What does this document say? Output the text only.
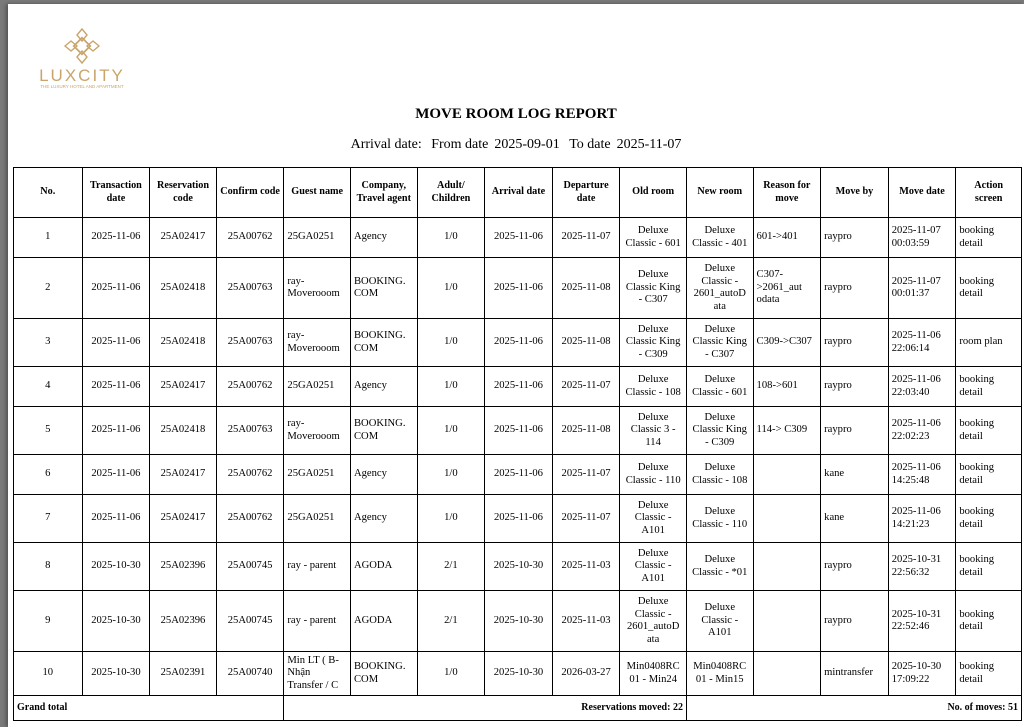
LUXCITY
THE LUXURY HOTEL AND APARTMENT
MOVE ROOM LOG REPORT
Arrival date: From date 2025-09-01 To date 2025-11-07
No.	Transaction date	Reservation code	Confirm code	Guest name	Company, Travel agent	Adult/ Children	Arrival date	Departure date	Old room	New room	Reason for move	Move by	Move date	Action screen
1	2025-11-06	25A02417	25A00762	25GA0251	Agency	1/0	2025-11-06	2025-11-07	Deluxe Classic - 601	Deluxe Classic - 401	601->401	raypro	2025-11-07 00:03:59	booking detail
2	2025-11-06	25A02418	25A00763	ray-Moverooom	BOOKING. COM	1/0	2025-11-06	2025-11-08	Deluxe Classic King - C307	Deluxe Classic - 2601_autoD ata	C307->2061_aut odata	raypro	2025-11-07 00:01:37	booking detail
3	2025-11-06	25A02418	25A00763	ray-Moverooom	BOOKING. COM	1/0	2025-11-06	2025-11-08	Deluxe Classic King - C309	Deluxe Classic King - C307	C309->C307	raypro	2025-11-06 22:06:14	room plan
4	2025-11-06	25A02417	25A00762	25GA0251	Agency	1/0	2025-11-06	2025-11-07	Deluxe Classic - 108	Deluxe Classic - 601	108->601	raypro	2025-11-06 22:03:40	booking detail
5	2025-11-06	25A02418	25A00763	ray-Moverooom	BOOKING. COM	1/0	2025-11-06	2025-11-08	Deluxe Classic 3 - 114	Deluxe Classic King - C309	114-> C309	raypro	2025-11-06 22:02:23	booking detail
6	2025-11-06	25A02417	25A00762	25GA0251	Agency	1/0	2025-11-06	2025-11-07	Deluxe Classic - 110	Deluxe Classic - 108		kane	2025-11-06 14:25:48	booking detail
7	2025-11-06	25A02417	25A00762	25GA0251	Agency	1/0	2025-11-06	2025-11-07	Deluxe Classic - A101	Deluxe Classic - 110		kane	2025-11-06 14:21:23	booking detail
8	2025-10-30	25A02396	25A00745	ray - parent	AGODA	2/1	2025-10-30	2025-11-03	Deluxe Classic - A101	Deluxe Classic - *01		raypro	2025-10-31 22:56:32	booking detail
9	2025-10-30	25A02396	25A00745	ray - parent	AGODA	2/1	2025-10-30	2025-11-03	Deluxe Classic - 2601_autoD ata	Deluxe Classic - A101		raypro	2025-10-31 22:52:46	booking detail
10	2025-10-30	25A02391	25A00740	Min LT ( B- Nhận Transfer / C	BOOKING. COM	1/0	2025-10-30	2026-03-27	Min0408RC 01 - Min24	Min0408RC 01 - Min15		mintransfer	2025-10-30 17:09:22	booking detail
Grand total				Reservations moved: 22						No. of moves: 51				
